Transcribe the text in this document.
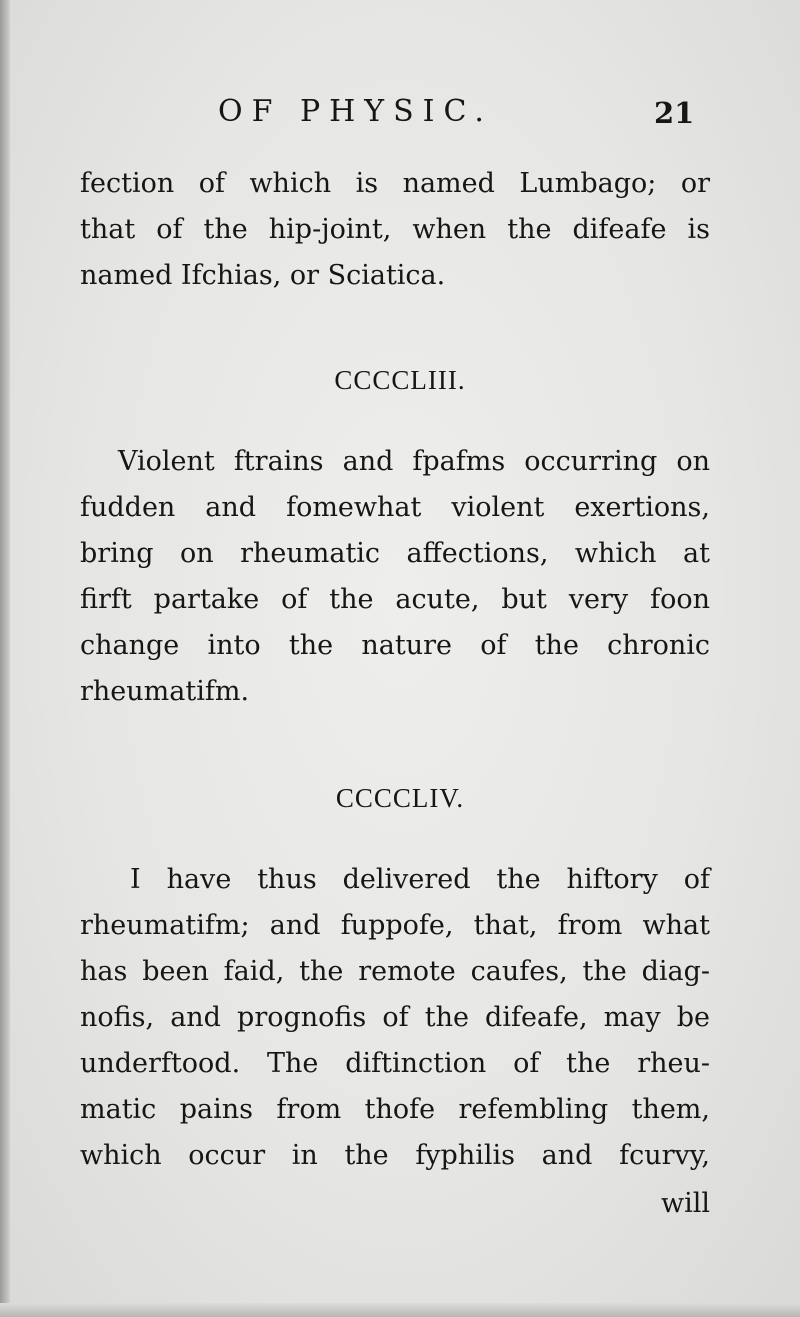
OF PHYSIC.	21
fection of which is named Lumbago; or
that of the hip-joint, when the difeafe is
named Ifchias, or Sciatica.
CCCCLIII.
Violent ftrains and fpafms occurring on
fudden and fomewhat violent exertions,
bring on rheumatic affections, which at
firft partake of the acute, but very foon
change into the nature of the chronic
rheumatifm.
CCCCLIV.
I have thus delivered the hiftory of
rheumatifm; and fuppofe, that, from what
has been faid, the remote caufes, the diag-
nofis, and prognofis of the difeafe, may be
underftood. The diftinction of the rheu-
matic pains from thofe refembling them,
which occur in the fyphilis and fcurvy,
will
